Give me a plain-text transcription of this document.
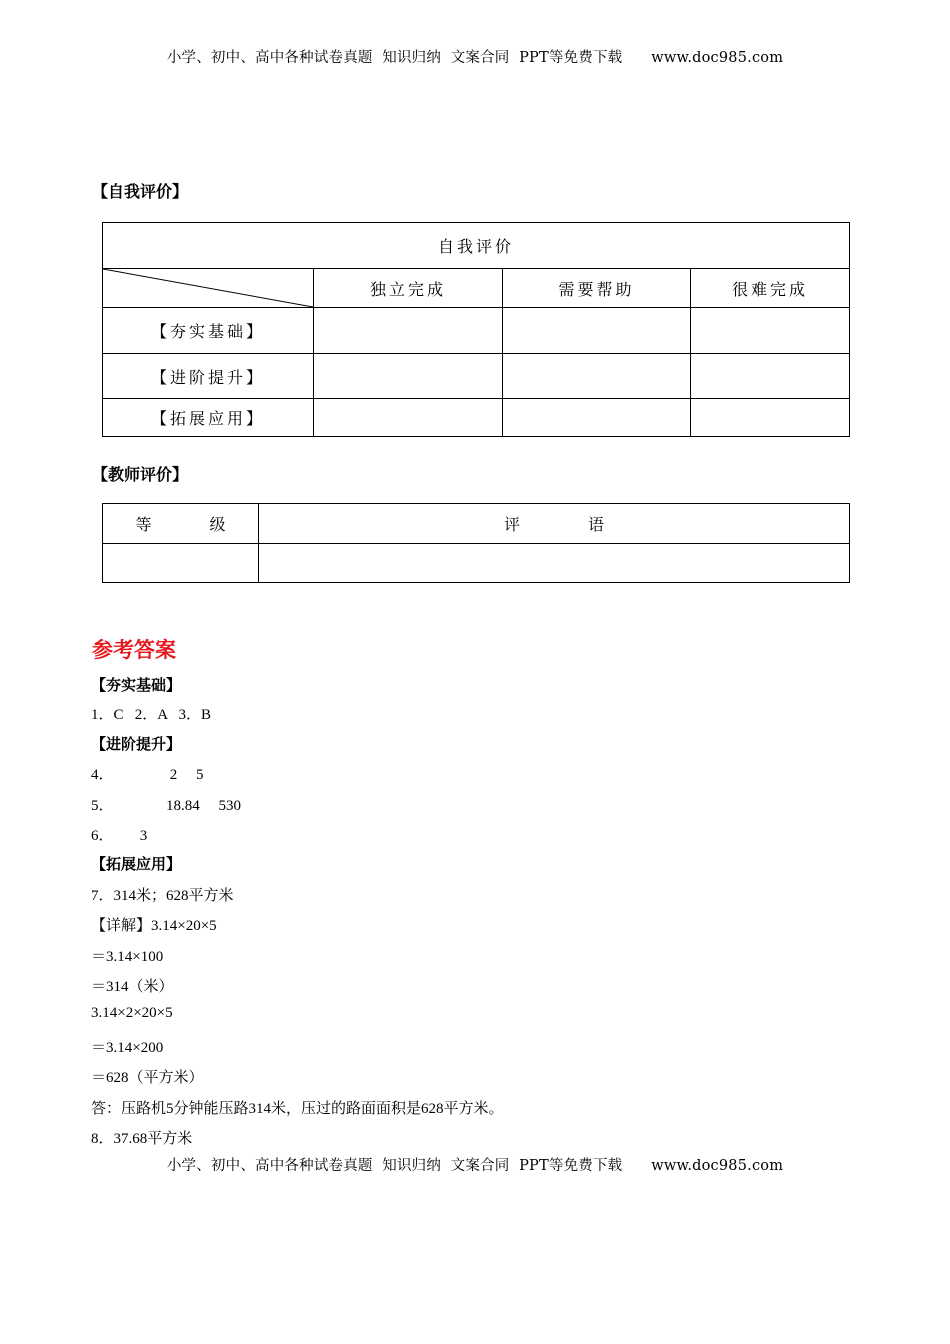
小学、初中、高中各种试卷真题  知识归纳  文案合同  PPT等免费下载      www.doc985.com
【自我评价】
自我评价			

	独立完成	需要帮助	很难完成
【夯实基础】			
【进阶提升】			
【拓展应用】			
【教师评价】
等 级	评 语

参考答案
【夯实基础】
1．C   2．A   3．B
【进阶提升】
4．               2     5
5．              18.84     530
6．       3
【拓展应用】
7．314米；628平方米
【详解】3.14×20×5
＝3.14×100
＝314（米）
3.14×2×20×5
＝3.14×200
＝628（平方米）
答：压路机5分钟能压路314米，压过的路面面积是628平方米。
8．37.68平方米
小学、初中、高中各种试卷真题  知识归纳  文案合同  PPT等免费下载      www.doc985.com
